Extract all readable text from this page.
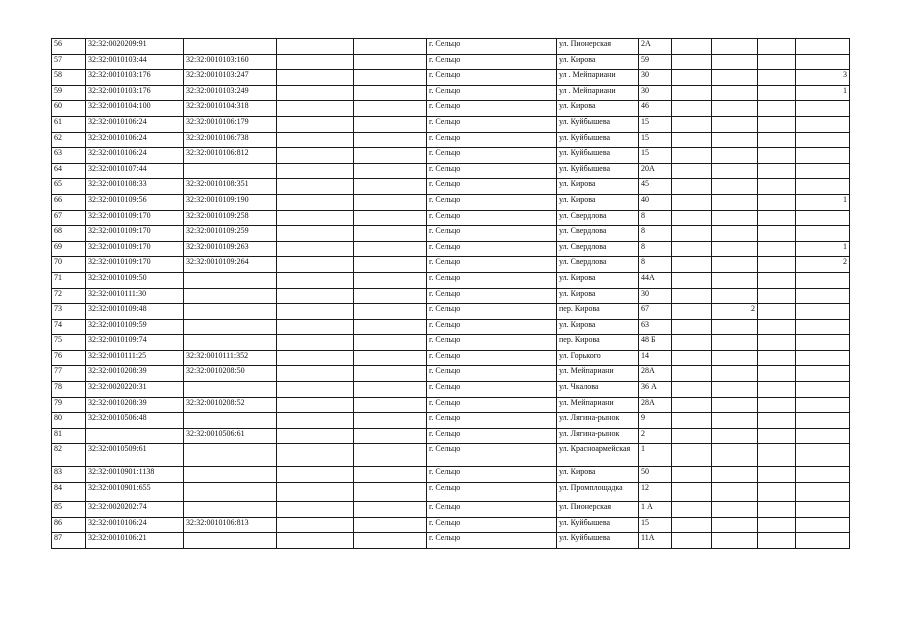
56	32:32:0020209:91				г. Сельцо	ул. Пионерская	2А				
57	32:32:0010103:44	32:32:0010103:160			г. Сельцо	ул. Кирова	59				
58	32:32:0010103:176	32:32:0010103:247			г. Сельцо	ул . Мейпариани	30				3
59	32:32:0010103:176	32:32:0010103:249			г. Сельцо	ул . Мейпариани	30				1
60	32:32:0010104:100	32:32:0010104:318			г. Сельцо	ул. Кирова	46				
61	32:32:0010106:24	32:32:0010106:179			г. Сельцо	ул. Куйбышева	15				
62	32:32:0010106:24	32:32:0010106:738			г. Сельцо	ул. Куйбышева	15				
63	32:32:0010106:24	32:32:0010106:812			г. Сельцо	ул. Куйбышева	15				
64	32:32:0010107:44				г. Сельцо	ул. Куйбышева	20А				
65	32:32:0010108:33	32:32:0010108:351			г. Сельцо	ул. Кирова	45				
66	32:32:0010109:56	32:32:0010109:190			г. Сельцо	ул. Кирова	40				1
67	32:32:0010109:170	32:32:0010109:258			г. Сельцо	ул. Свердлова	8				
68	32:32:0010109:170	32:32:0010109:259			г. Сельцо	ул. Свердлова	8				
69	32:32:0010109:170	32:32:0010109:263			г. Сельцо	ул. Свердлова	8				1
70	32:32:0010109:170	32:32:0010109:264			г. Сельцо	ул. Свердлова	8				2
71	32:32:0010109:50				г. Сельцо	ул. Кирова	44А				
72	32:32:0010111:30				г. Сельцо	ул. Кирова	30				
73	32:32:0010109:48				г. Сельцо	пер. Кирова	67		2		
74	32:32:0010109:59				г. Сельцо	ул. Кирова	63				
75	32:32:0010109:74				г. Сельцо	пер. Кирова	48 Б				
76	32:32:0010111:25	32:32:0010111:352			г. Сельцо	ул. Горького	14				
77	32:32:0010208:39	32:32:0010208:50			г. Сельцо	ул. Мейпариани	28А				
78	32:32:0020220:31				г. Сельцо	ул. Чкалова	36 А				
79	32:32:0010208:39	32:32:0010208:52			г. Сельцо	ул. Мейпариани	28А				
80	32:32:0010506:48				г. Сельцо	ул. Лягина-рынок	9				
81		32:32:0010506:61			г. Сельцо	ул. Лягина-рынок	2				
82	32:32:0010509:61				г. Сельцо	ул. Красноармейская	1				
83	32:32:0010901:1138				г. Сельцо	ул. Кирова	50				
84	32:32:0010901:655				г. Сельцо	ул. Промплощадка	12				
85	32:32:0020202:74				г. Сельцо	ул. Пионерская	1 А				
86	32:32:0010106:24	32:32:0010106:813			г. Сельцо	ул. Куйбышева	15				
87	32:32:0010106:21				г. Сельцо	ул. Куйбышева	11А				
